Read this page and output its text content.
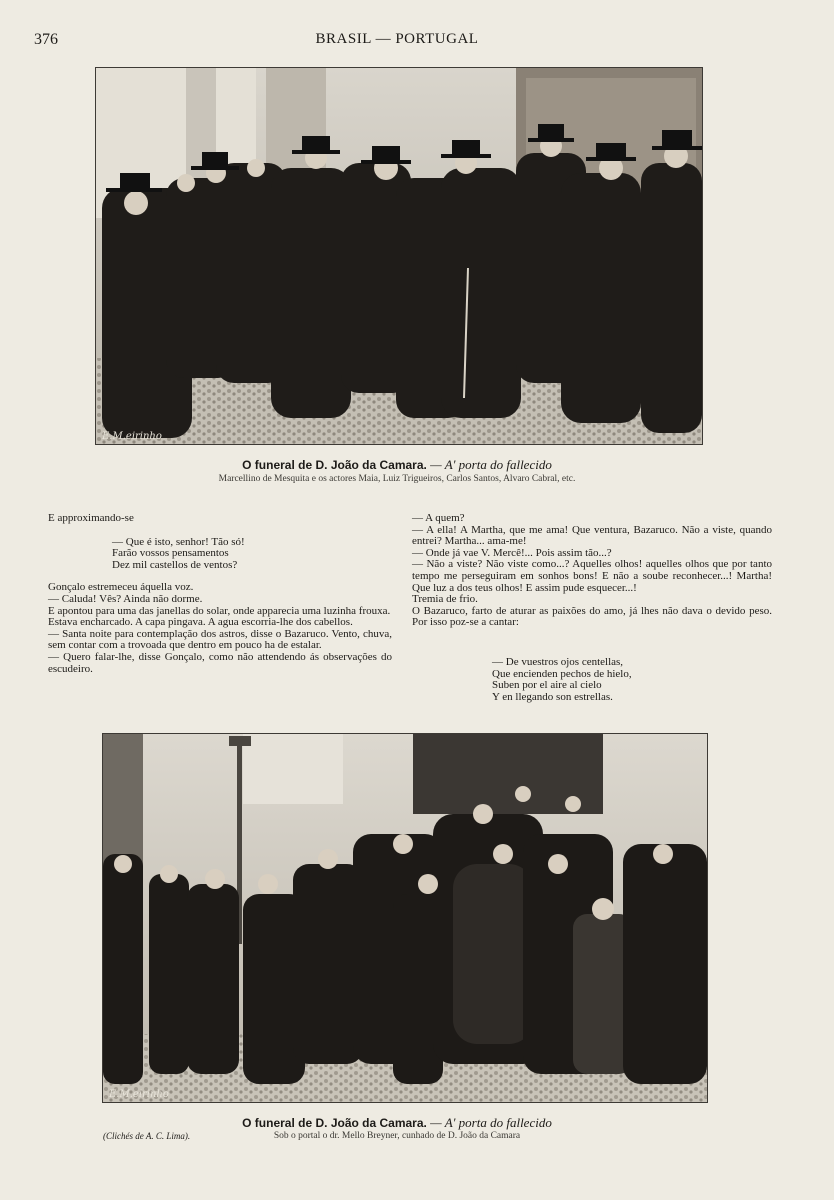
376	BRASIL — PORTUGAL
E.M.eirinho
O funeral de D. João da Camara. — A' porta do fallecido
Marcellino de Mesquita e os actores Maia, Luiz Trigueiros, Carlos Santos, Alvaro Cabral, etc.

E approximando-se

— Que é isto, senhor! Tão só!

Farão vossos pensamentos

Dez mil castellos de ventos?

Gonçalo estremeceu áquella voz.

— Caluda! Vês? Ainda não dorme.

E apontou para uma das janellas do solar, onde apparecia uma luzinha frouxa.

Estava encharcado. A capa pingava. A agua escorria-lhe dos cabellos.

— Santa noite para contemplação dos astros, disse o Bazaruco. Vento, chuva, sem contar com a trovoada que dentro em pouco ha de estalar.

— Quero falar-lhe, disse Gonçalo, como não attendendo ás observações do escudeiro.

— A quem?

— A ella! A Martha, que me ama! Que ventura, Bazaruco. Não a viste, quando entrei? Martha... ama-me!

— Onde já vae V. Mercê!... Pois assim tão...?

— Não a viste? Não viste como...? Aquelles olhos! aquelles olhos que por tanto tempo me perseguiram em sonhos bons! E não a soube reconhecer...! Martha! Que luz a dos teus olhos! E assim pude esquecer...!

Tremia de frio.

O Bazaruco, farto de aturar as paixões do amo, já lhes não dava o devido peso. Por isso poz-se a cantar:

— De vuestros ojos centellas,

Que encienden pechos de hielo,

Suben por el aire al cielo

Y en llegando son estrellas.

E.M.eirinho
O funeral de D. João da Camara. — A' porta do fallecido
Sob o portal o dr. Mello Breyner, cunhado de D. João da Camara
(Clichés de A. C. Lima).
